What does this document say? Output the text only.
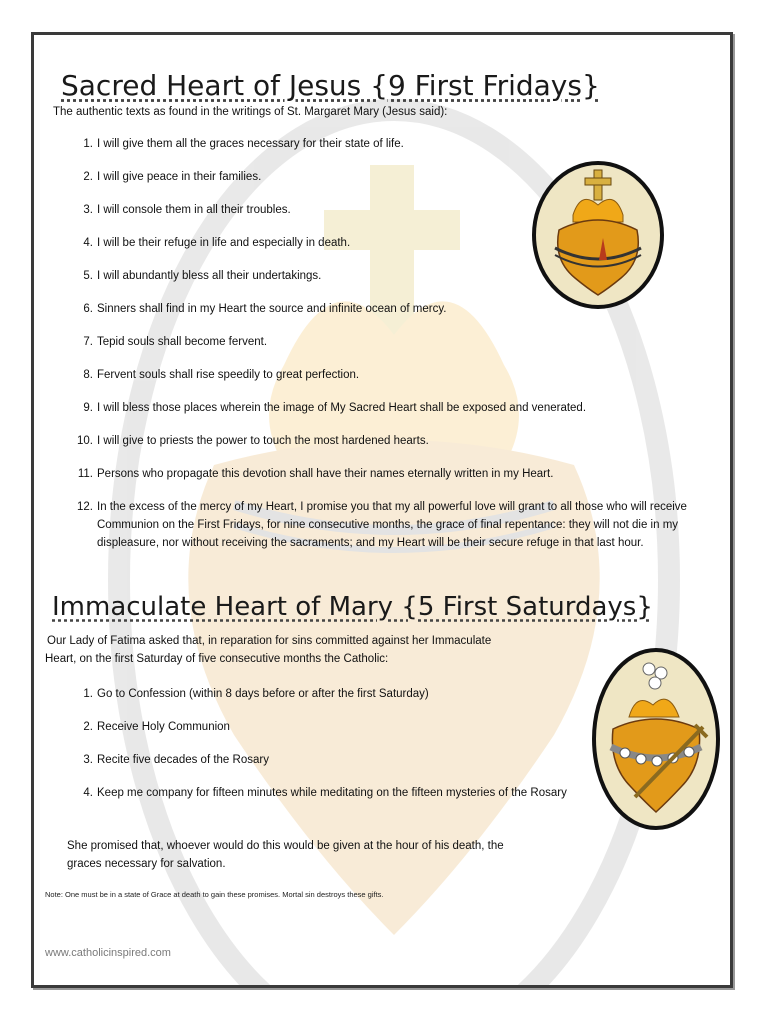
Sacred Heart of Jesus {9 First Fridays}

The authentic texts as found in the writings of St. Margaret Mary (Jesus said):

1. I will give them all the graces necessary for their state of life.
2. I will give peace in their families.
3. I will console them in all their troubles.
4. I will be their refuge in life and especially in death.
5. I will abundantly bless all their undertakings.
6. Sinners shall find in my Heart the source and infinite ocean of mercy.
7. Tepid souls shall become fervent.
8. Fervent souls shall rise speedily to great perfection.
9. I will bless those places wherein the image of My Sacred Heart shall be exposed and venerated.
10. I will give to priests the power to touch the most hardened hearts.
11. Persons who propagate this devotion shall have their names eternally written in my Heart.
12. In the excess of the mercy of my Heart, I promise you that my all powerful love will grant to all those who will receive Communion on the First Fridays, for nine consecutive months, the grace of final repentance: they will not die in my displeasure, nor without receiving the sacraments; and my Heart will be their secure refuge in that last hour.
Immaculate Heart of Mary {5 First Saturdays}

Our Lady of Fatima asked that, in reparation for sins committed against her Immaculate

Heart, on the first Saturday of five consecutive months the Catholic:

1. Go to Confession (within 8 days before or after the first Saturday)
2. Receive Holy Communion
3. Recite five decades of the Rosary
4. Keep me company for fifteen minutes while meditating on the fifteen mysteries of the Rosary

She promised that, whoever would do this would be given at the hour of his death, the

graces necessary for salvation.

Note: One must be in a state of Grace at death to gain these promises. Mortal sin destroys these gifts.
www.catholicinspired.com
